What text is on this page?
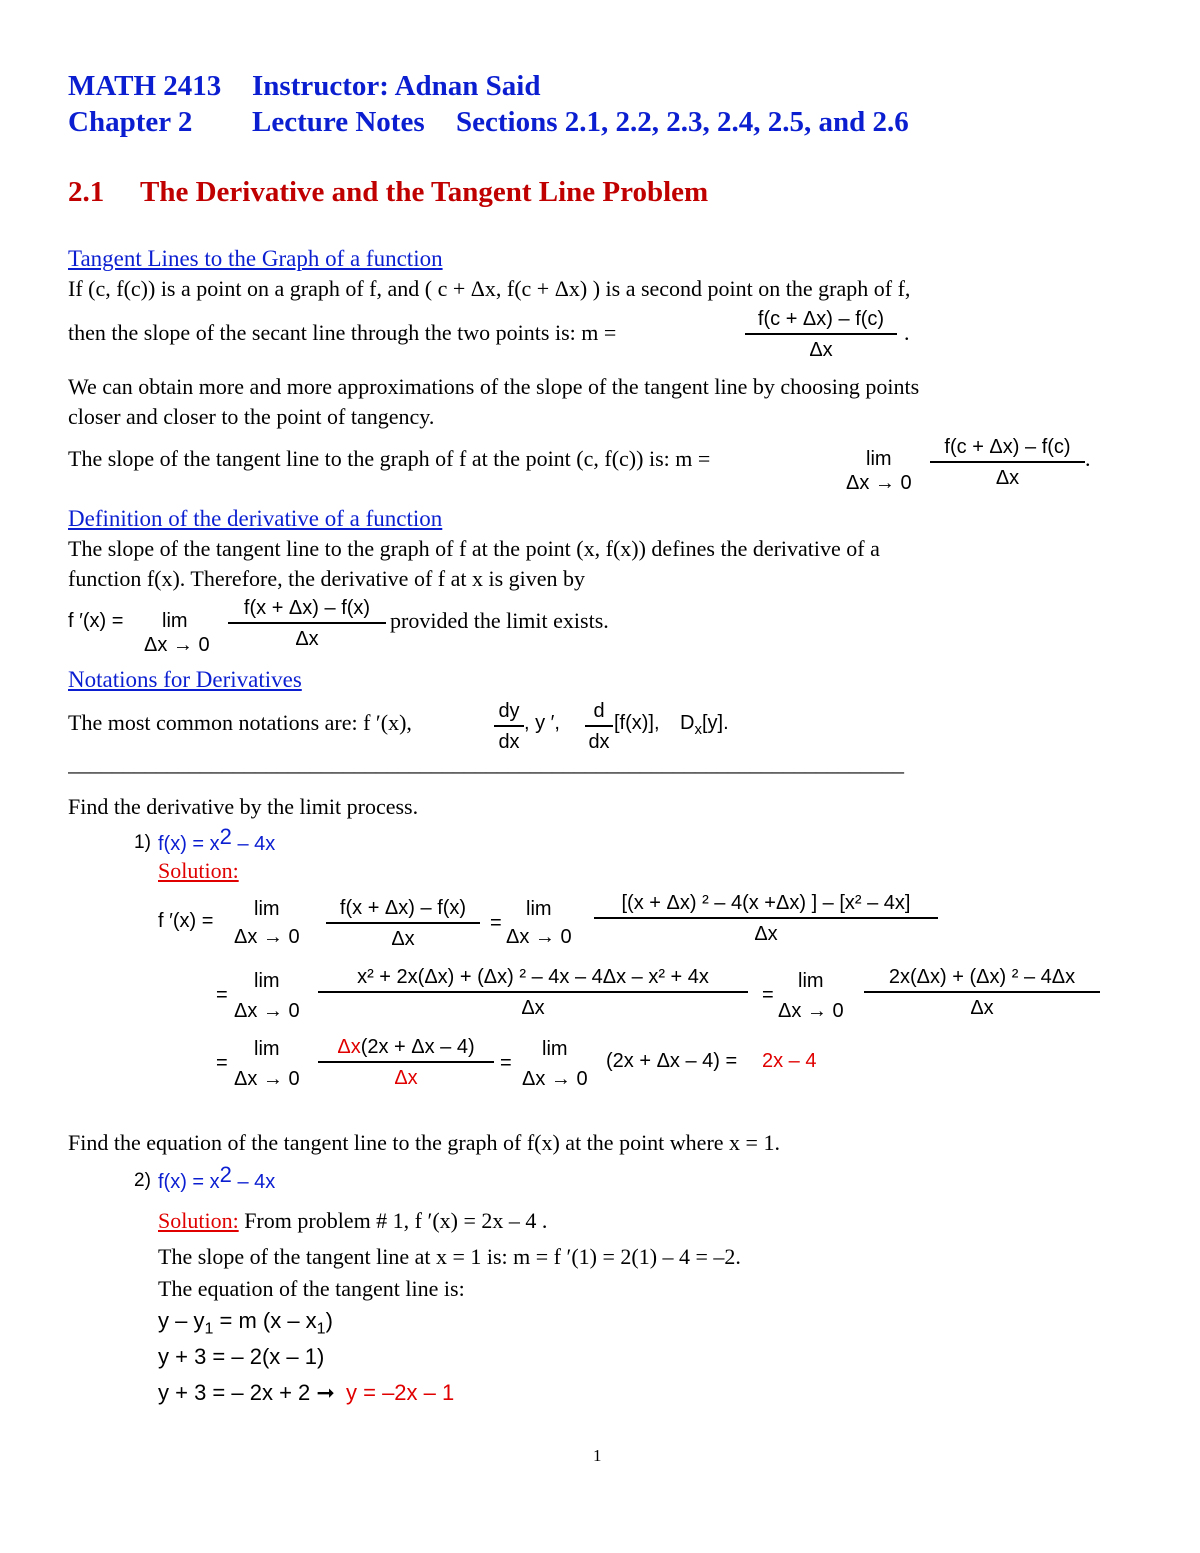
MATH 2413 Instructor: Adnan Said
Chapter 2 Lecture Notes Sections 2.1, 2.2, 2.3, 2.4, 2.5, and 2.6
2.1 The Derivative and the Tangent Line Problem
Tangent Lines to the Graph of a function
If (c, f(c)) is a point on a graph of f, and ( c + Δx, f(c + Δx) ) is a second point on the graph of f,
then the slope of the secant line through the two points is: m =
f(c + Δx) – f(c)
Δx
.
We can obtain more and more approximations of the slope of the tangent line by choosing points
closer and closer to the point of tangency.
The slope of the tangent line to the graph of f at the point (c, f(c)) is: m =	lim
Δx → 0
f(c + Δx) – f(c)
Δx
.
Definition of the derivative of a function
The slope of the tangent line to the graph of f at the point (x, f(x)) defines the derivative of a
function f(x). Therefore, the derivative of f at x is given by
f ′(x) = lim
Δx → 0
f(x + Δx) – f(x)
Δx
provided the limit exists.
Notations for Derivatives
The most common notations are: f ′(x),	dy
dx
, y ′,
d
dx
[f(x)], $D_x[y]$.
––––––––––––––––––––––––––––––––––––––––––––––––––––––––––––––––––––––––––––
Find the derivative by the limit process.
1) f(x) = x2 – 4x
Solution:
f ′(x) =
lim
Δx → 0
f(x + Δx) – f(x)
Δx
=
lim
Δx → 0
[(x + Δx) ² – 4(x +Δx) ] – [x² – 4x]
Δx
=
lim
Δx → 0
x² + 2x(Δx) + (Δx) ² – 4x – 4Δx – x² + 4x
Δx
=
lim
Δx → 0
2x(Δx) + (Δx) ² – 4Δx
Δx
=
lim
Δx → 0
Δx(2x + Δx – 4)
Δx
=
lim
Δx → 0
(2x + Δx – 4) = 2x – 4
Find the equation of the tangent line to the graph of f(x) at the point where x = 1.
2) f(x) = x2 – 4x
Solution: From problem # 1, f ′(x) = 2x – 4 .
The slope of the tangent line at x = 1 is: m = f ′(1) = 2(1) – 4 = –2.
The equation of the tangent line is:
$y - y_1 = m$ $(x - x_1)$
y + 3 = – 2(x – 1)
y + 3 = – 2x + 2 ➞ y = –2x – 1
1
